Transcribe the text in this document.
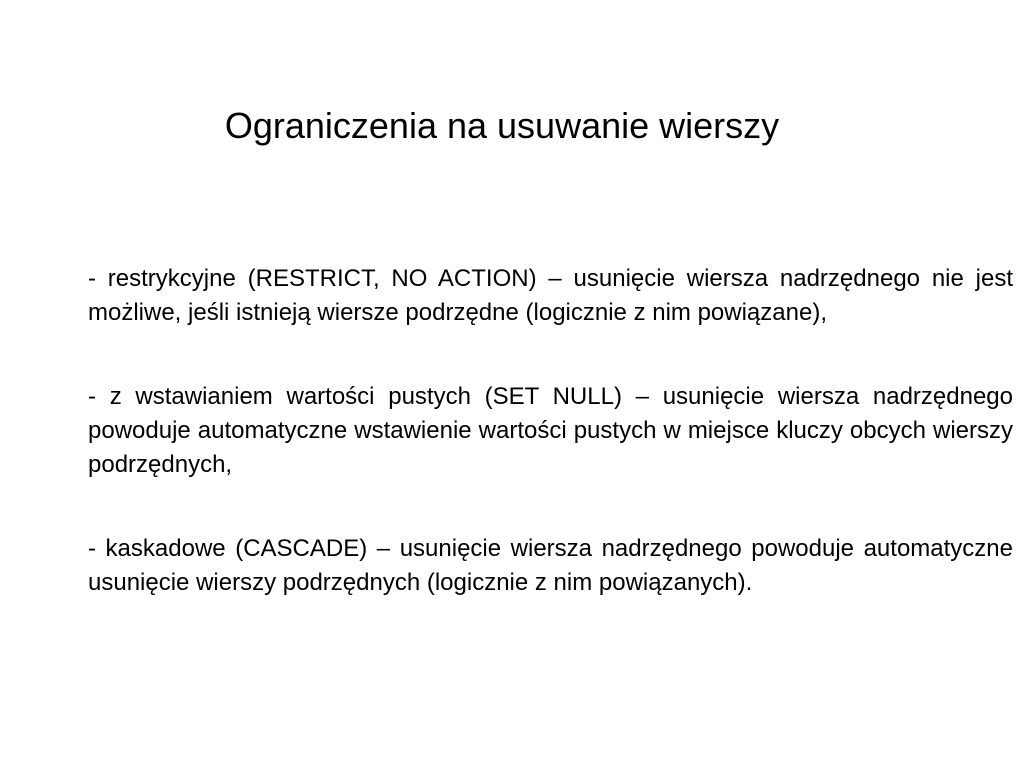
Ograniczenia na usuwanie wierszy

- restrykcyjne (RESTRICT, NO ACTION) – usunięcie wiersza nadrzędnego nie jest możliwe, jeśli istnieją wiersze podrzędne (logicznie z nim powiązane),

- z wstawianiem wartości pustych (SET NULL) – usunięcie wiersza nadrzędnego powoduje automatyczne wstawienie wartości pustych w miejsce kluczy obcych wierszy podrzędnych,

- kaskadowe (CASCADE) – usunięcie wiersza nadrzędnego powoduje automatyczne usunięcie wierszy podrzędnych (logicznie z nim powiązanych).
